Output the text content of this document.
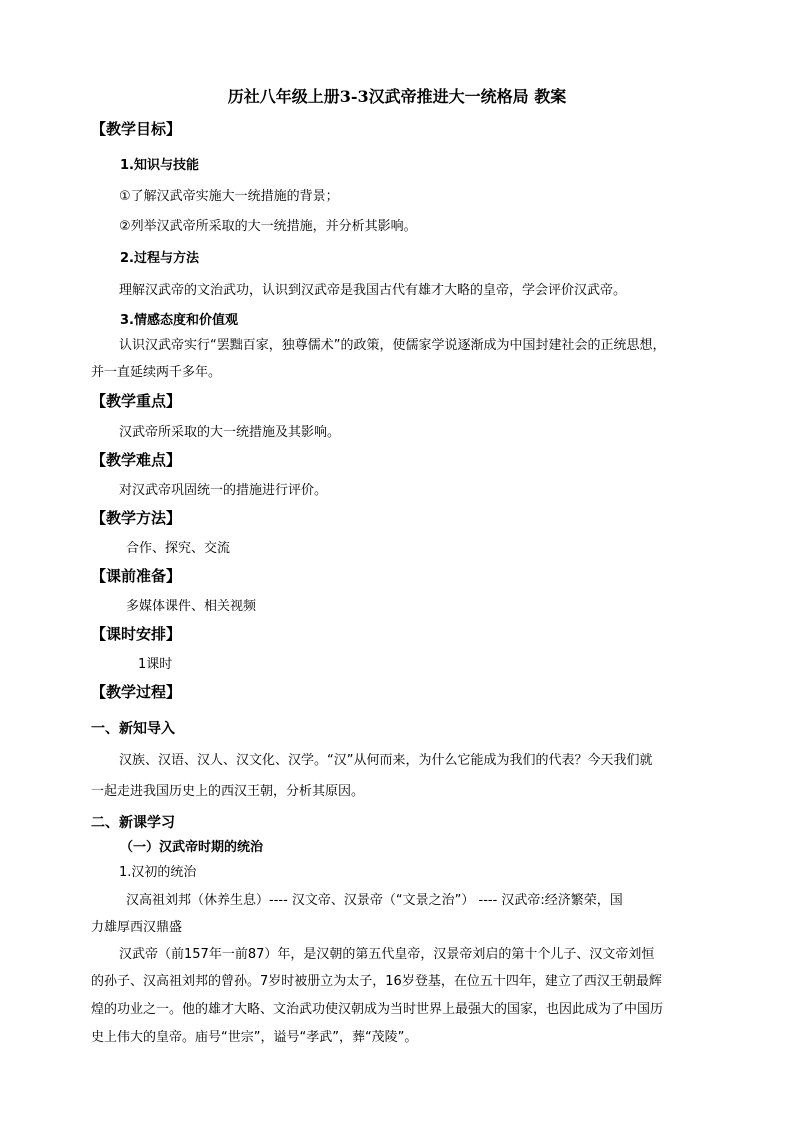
历社八年级上册3-3汉武帝推进大一统格局 教案
【教学目标】
1.知识与技能
①了解汉武帝实施大一统措施的背景；
②列举汉武帝所采取的大一统措施，并分析其影响。
2.过程与方法
理解汉武帝的文治武功，认识到汉武帝是我国古代有雄才大略的皇帝，学会评价汉武帝。
3.情感态度和价值观
认识汉武帝实行“罢黜百家，独尊儒术”的政策，使儒家学说逐渐成为中国封建社会的正统思想，
并一直延续两千多年。
【教学重点】
汉武帝所采取的大一统措施及其影响。
【教学难点】
对汉武帝巩固统一的措施进行评价。
【教学方法】
合作、探究、交流
【课前准备】
多媒体课件、相关视频
【课时安排】
1课时
【教学过程】
一、新知导入
汉族、汉语、汉人、汉文化、汉学。“汉”从何而来，为什么它能成为我们的代表？今天我们就
一起走进我国历史上的西汉王朝，分析其原因。
二、新课学习
（一）汉武帝时期的统治
1.汉初的统治
汉高祖刘邦（休养生息）---- 汉文帝、汉景帝（“文景之治”） ---- 汉武帝:经济繁荣，国
力雄厚西汉鼎盛
汉武帝（前157年一前87）年，是汉朝的第五代皇帝，汉景帝刘启的第十个儿子、汉文帝刘恒
的孙子、汉高祖刘邦的曾孙。7岁时被册立为太子，16岁登基，在位五十四年，建立了西汉王朝最辉
煌的功业之一。他的雄才大略、文治武功使汉朝成为当时世界上最强大的国家，也因此成为了中国历
史上伟大的皇帝。庙号“世宗”，谥号“孝武”，葬“茂陵”。
